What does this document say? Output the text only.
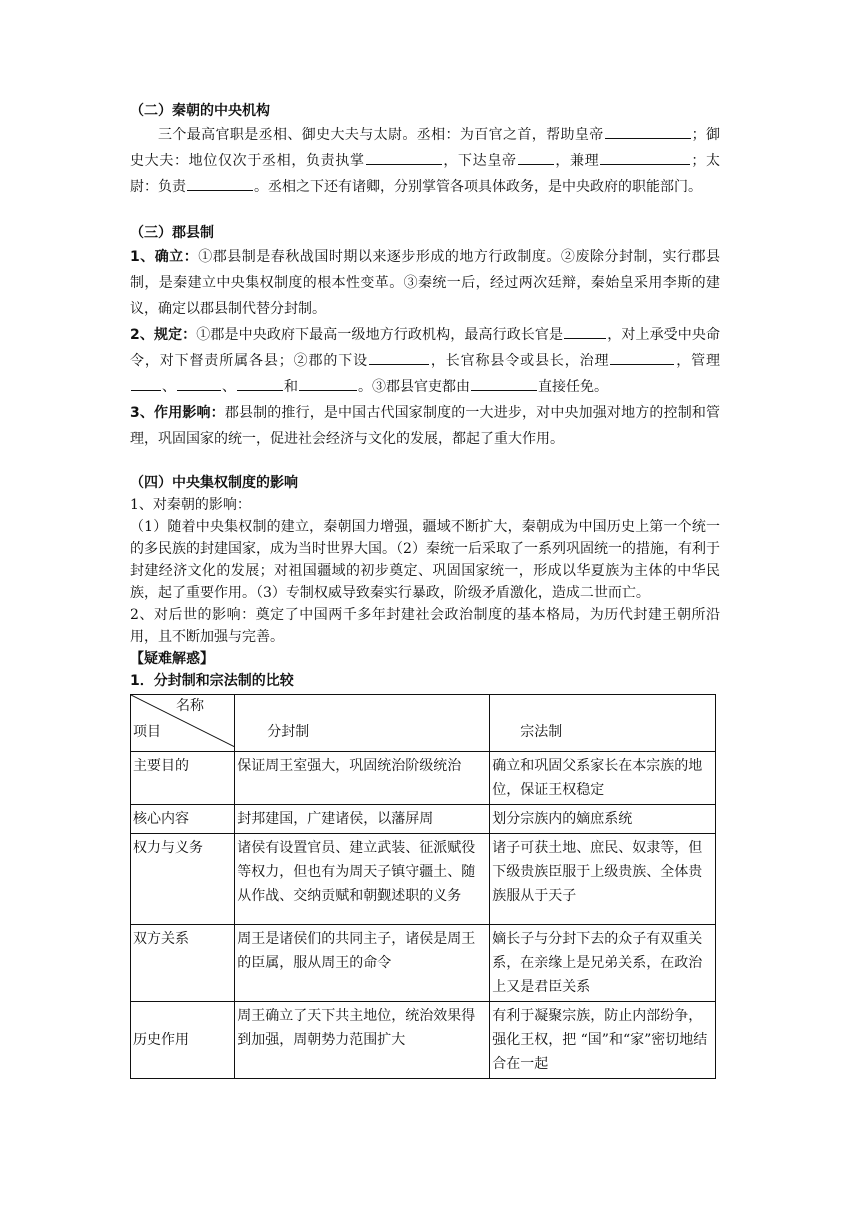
（二）秦朝的中央机构

三个最高官职是丞相、御史大夫与太尉。丞相：为百官之首，帮助皇帝	；御史大夫：地位仅次于丞相，负责执掌	，下达皇帝	，兼理	；太尉：负责	。丞相之下还有诸卿，分别掌管各项具体政务，是中央政府的职能部门。

（三）郡县制

1、确立：①郡县制是春秋战国时期以来逐步形成的地方行政制度。②废除分封制，实行郡县制，是秦建立中央集权制度的根本性变革。③秦统一后，经过两次廷辩，秦始皇采用李斯的建议，确定以郡县制代替分封制。

2、规定：①郡是中央政府下最高一级地方行政机构，最高行政长官是	，对上承受中央命令，对下督责所属各县；②郡的下设	，长官称县令或县长，治理	，管理、	、	和	。③郡县官吏都由	直接任免。

3、作用影响：郡县制的推行，是中国古代国家制度的一大进步，对中央加强对地方的控制和管理，巩固国家的统一，促进社会经济与文化的发展，都起了重大作用。

（四）中央集权制度的影响

1、对秦朝的影响：

（1）随着中央集权制的建立，秦朝国力增强，疆域不断扩大，秦朝成为中国历史上第一个统一的多民族的封建国家，成为当时世界大国。（2）秦统一后采取了一系列巩固统一的措施，有利于封建经济文化的发展；对祖国疆域的初步奠定、巩固国家统一，形成以华夏族为主体的中华民族，起了重要作用。（3）专制权威导致秦实行暴政，阶级矛盾激化，造成二世而亡。

2、对后世的影响：奠定了中国两千多年封建社会政治制度的基本格局，为历代封建王朝所沿用，且不断加强与完善。

【疑难解惑】

1．分封制和宗法制的比较

名称
项目	分封制	宗法制

主要目的	保证周王室强大，巩固统治阶级统治	确立和巩固父系家长在本宗族的地位，保证王权稳定
核心内容	封邦建国，广建诸侯，以藩屏周	划分宗族内的嫡庶系统
权力与义务	诸侯有设置官员、建立武装、征派赋役等权力，但也有为周天子镇守疆土、随从作战、交纳贡赋和朝觐述职的义务	诸子可获土地、庶民、奴隶等，但下级贵族臣服于上级贵族、全体贵族服从于天子
双方关系	周王是诸侯们的共同主子，诸侯是周王的臣属，服从周王的命令	嫡长子与分封下去的众子有双重关系，在亲缘上是兄弟关系，在政治上又是君臣关系
历史作用	周王确立了天下共主地位，统治效果得到加强，周朝势力范围扩大	有利于凝聚宗族，防止内部纷争，强化王权，把 “国”和“家”密切地结合在一起
